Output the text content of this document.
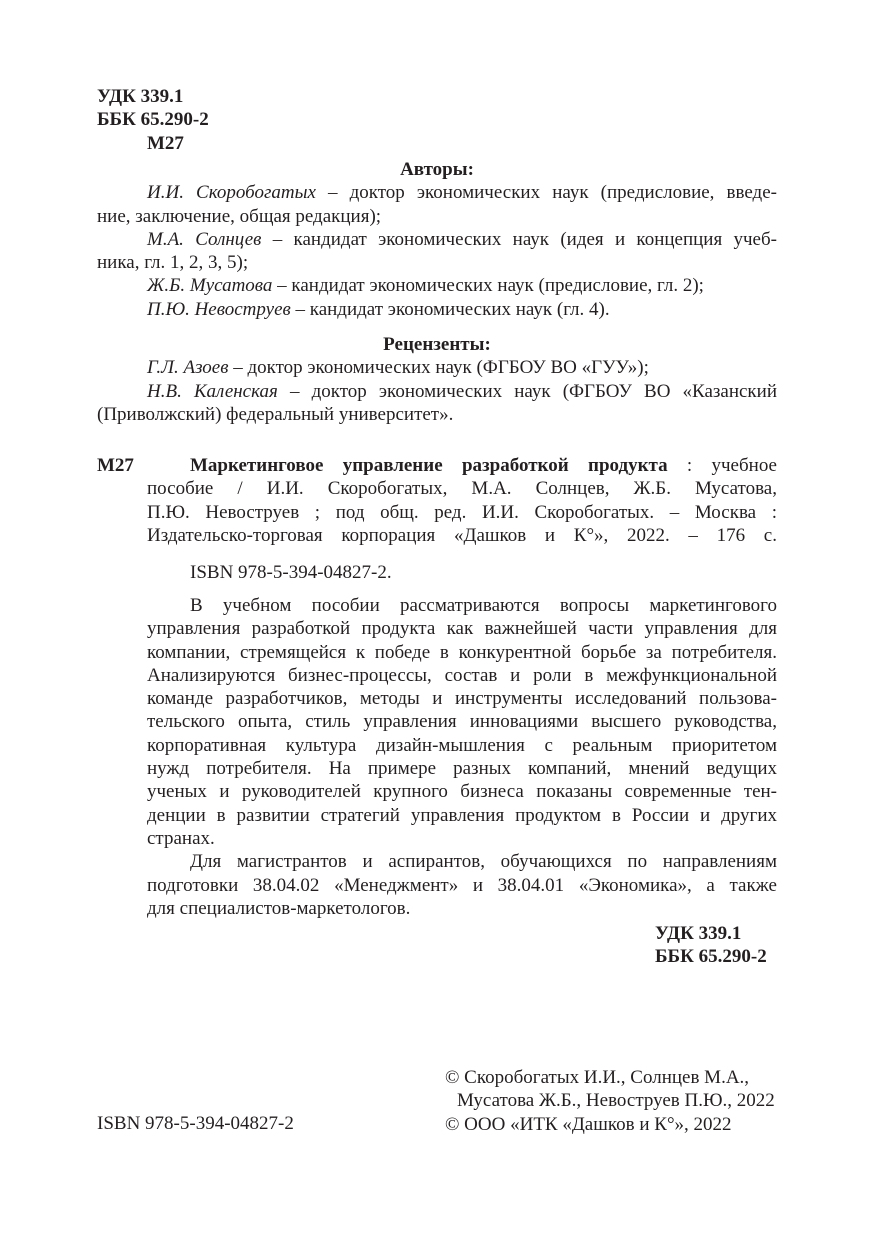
УДК 339.1
ББК 65.290-2
М27
Авторы:
И.И. Скоробогатых – доктор экономических наук (предисловие, введе-
ние, заключение, общая редакция);
М.А. Солнцев – кандидат экономических наук (идея и концепция учеб-
ника, гл. 1, 2, 3, 5);
Ж.Б. Мусатова – кандидат экономических наук (предисловие, гл. 2);
П.Ю. Невоструев – кандидат экономических наук (гл. 4).
Рецензенты:
Г.Л. Азоев – доктор экономических наук (ФГБОУ ВО «ГУУ»);
Н.В. Каленская – доктор экономических наук (ФГБОУ ВО «Казанский
(Приволжский) федеральный университет».
М27	Маркетинговое управление разработкой продукта : учебное
пособие / И.И. Скоробогатых, М.А. Солнцев, Ж.Б. Мусатова,
П.Ю. Невоструев ; под общ. ред. И.И. Скоробогатых. – Москва :
Издательско-торговая корпорация «Дашков и К°», 2022. – 176 с.
ISBN 978-5-394-04827-2.
В учебном пособии рассматриваются вопросы маркетингового
управления разработкой продукта как важнейшей части управления для
компании, стремящейся к победе в конкурентной борьбе за потребителя.
Анализируются бизнес-процессы, состав и роли в межфункциональной
команде разработчиков, методы и инструменты исследований пользова-
тельского опыта, стиль управления инновациями высшего руководства,
корпоративная культура дизайн-мышления с реальным приоритетом
нужд потребителя. На примере разных компаний, мнений ведущих
ученых и руководителей крупного бизнеса показаны современные тен-
денции в развитии стратегий управления продуктом в России и других
странах.
Для магистрантов и аспирантов, обучающихся по направлениям
подготовки 38.04.02 «Менеджмент» и 38.04.01 «Экономика», а также
для специалистов-маркетологов.
УДК 339.1
ББК 65.290-2
© Скоробогатых И.И., Солнцев М.А.,
Мусатова Ж.Б., Невоструев П.Ю., 2022
© ООО «ИТК «Дашков и К°», 2022
ISBN 978-5-394-04827-2
